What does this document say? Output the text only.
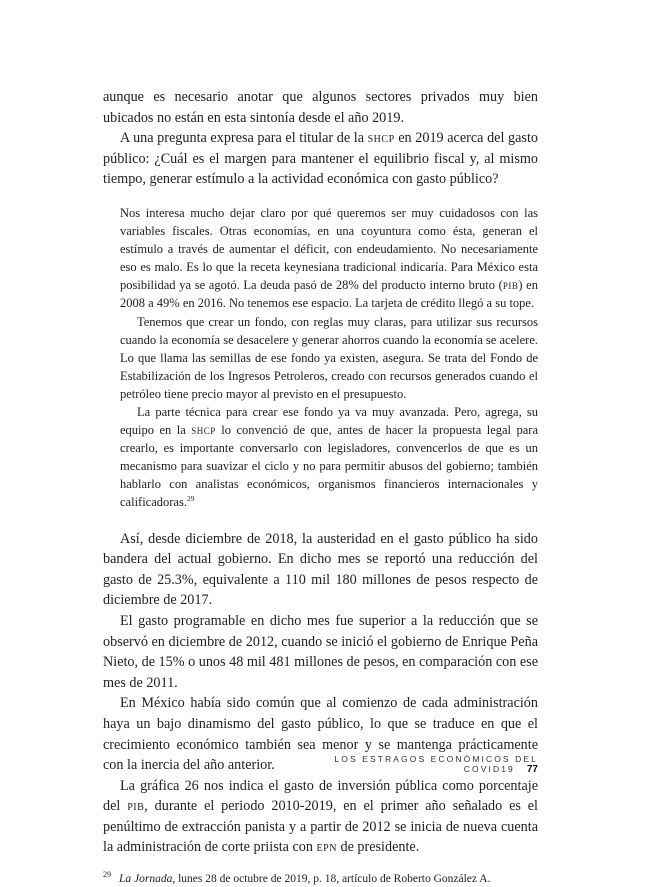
aunque es necesario anotar que algunos sectores privados muy bien ubicados no están en esta sintonía desde el año 2019.

A una pregunta expresa para el titular de la shcp en 2019 acerca del gasto público: ¿Cuál es el margen para mantener el equilibrio fiscal y, al mismo tiempo, generar estímulo a la actividad económica con gasto público?

Nos interesa mucho dejar claro por qué queremos ser muy cuidadosos con las variables fiscales. Otras economías, en una coyuntura como ésta, generan el estímulo a través de aumentar el déficit, con endeudamiento. No necesariamente eso es malo. Es lo que la receta keynesiana tradicional indicaría. Para México esta posibilidad ya se agotó. La deuda pasó de 28% del producto interno bruto (pib) en 2008 a 49% en 2016. No tenemos ese espacio. La tarjeta de crédito llegó a su tope.

Tenemos que crear un fondo, con reglas muy claras, para utilizar sus recursos cuando la economía se desacelere y generar ahorros cuando la economía se acelere. Lo que llama las semillas de ese fondo ya existen, asegura. Se trata del Fondo de Estabilización de los Ingresos Petroleros, creado con recursos generados cuando el petróleo tiene precio mayor al previsto en el presupuesto.

La parte técnica para crear ese fondo ya va muy avanzada. Pero, agrega, su equipo en la shcp lo convenció de que, antes de hacer la propuesta legal para crearlo, es importante conversarlo con legisladores, convencerlos de que es un mecanismo para suavizar el ciclo y no para permitir abusos del gobierno; también hablarlo con analistas económicos, organismos financieros internacionales y calificadoras.$^{29}$

Así, desde diciembre de 2018, la austeridad en el gasto público ha sido bandera del actual gobierno. En dicho mes se reportó una reducción del gasto de 25.3%, equivalente a 110 mil 180 millones de pesos respecto de diciembre de 2017.

El gasto programable en dicho mes fue superior a la reducción que se observó en diciembre de 2012, cuando se inició el gobierno de Enrique Peña Nieto, de 15% o unos 48 mil 481 millones de pesos, en comparación con ese mes de 2011.

En México había sido común que al comienzo de cada administración haya un bajo dinamismo del gasto público, lo que se traduce en que el crecimiento económico también sea menor y se mantenga prácticamente con la inercia del año anterior.

La gráfica 26 nos indica el gasto de inversión pública como porcentaje del pib, durante el periodo 2010-2019, en el primer año señalado es el penúltimo de extracción panista y a partir de 2012 se inicia de nueva cuenta la administración de corte priista con epn de presidente.

$^{29}$ La Jornada, lunes 28 de octubre de 2019, p. 18, artículo de Roberto González A.
LOS ESTRAGOS ECONÓMICOS DEL COVID19 77
